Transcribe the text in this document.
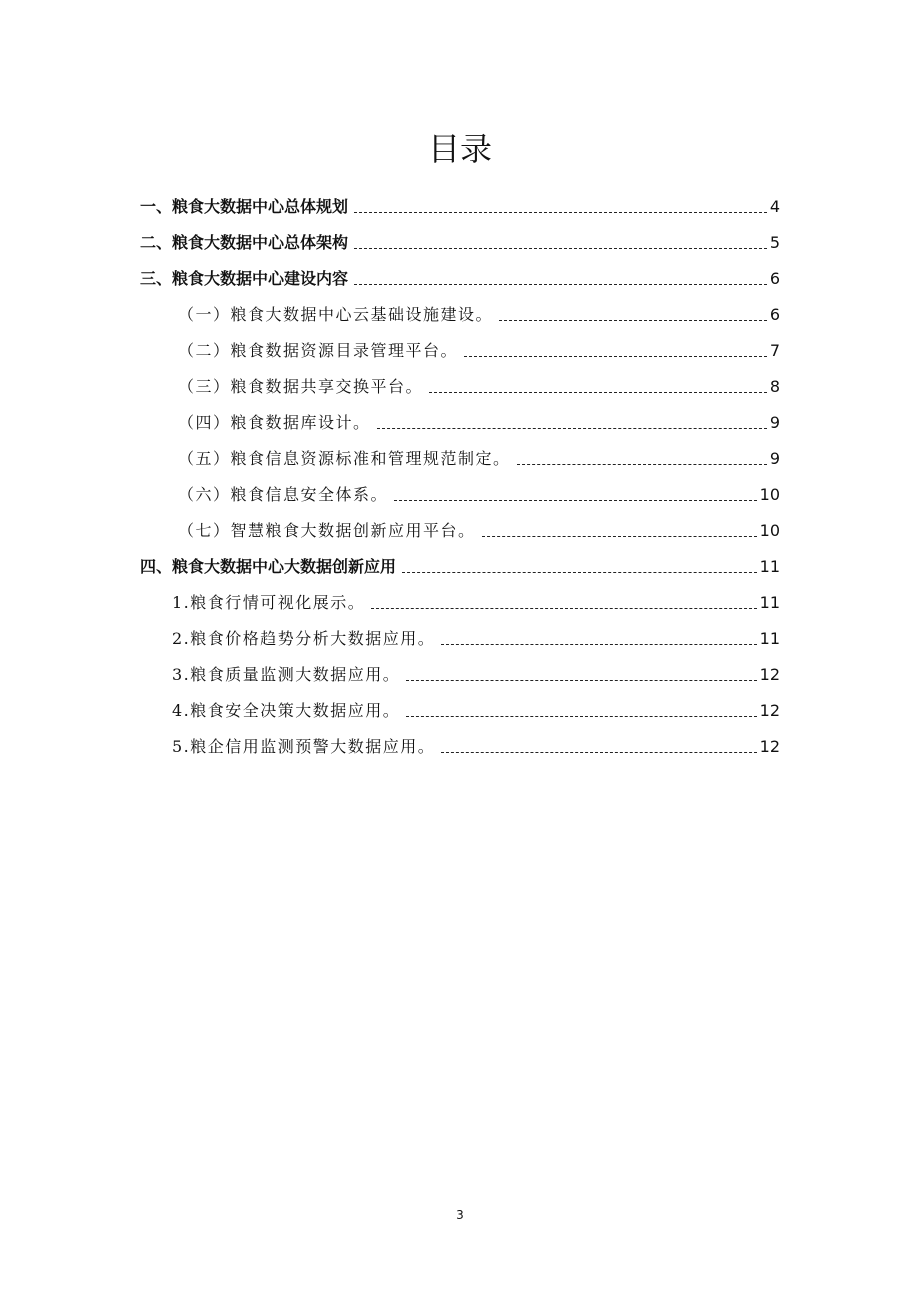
目录
一、粮食大数据中心总体规划	4
二、粮食大数据中心总体架构	5
三、粮食大数据中心建设内容	6
（一）粮食大数据中心云基础设施建设。	6
（二）粮食数据资源目录管理平台。	7
（三）粮食数据共享交换平台。	8
（四）粮食数据库设计。	9
（五）粮食信息资源标准和管理规范制定。	9
（六）粮食信息安全体系。	10
（七）智慧粮食大数据创新应用平台。	10
四、粮食大数据中心大数据创新应用	11
1.粮食行情可视化展示。	11
2.粮食价格趋势分析大数据应用。	11
3.粮食质量监测大数据应用。	12
4.粮食安全决策大数据应用。	12
5.粮企信用监测预警大数据应用。	12
3
